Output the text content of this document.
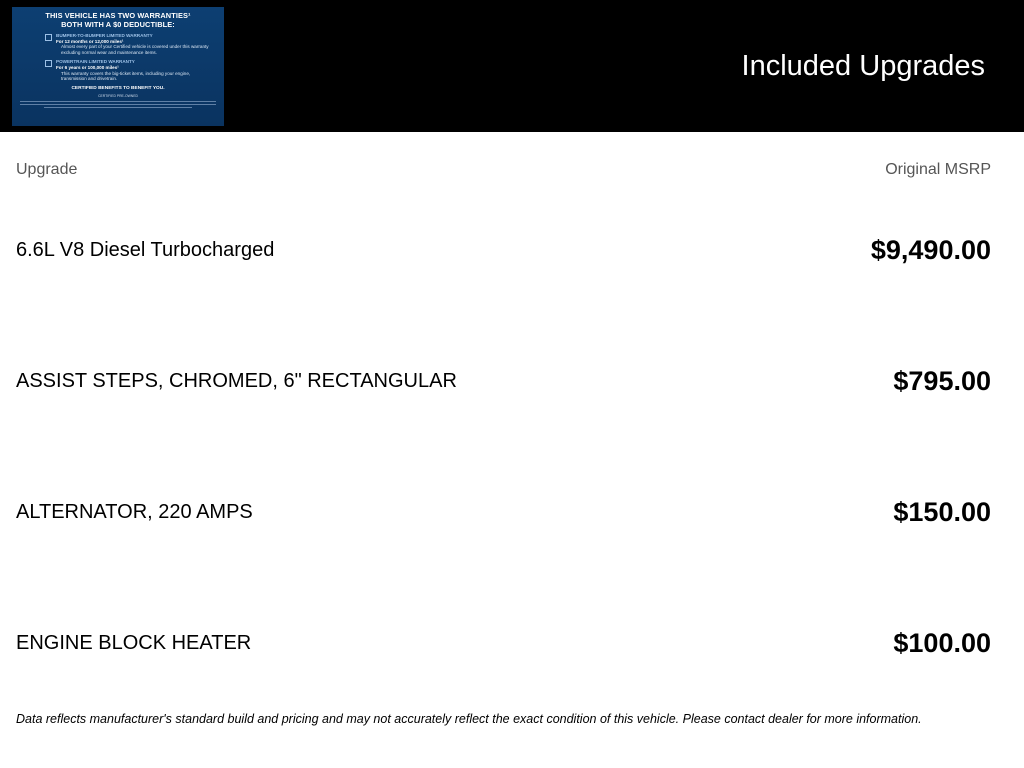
THIS VEHICLE HAS TWO WARRANTIES¹
BOTH WITH A $0 DEDUCTIBLE:
BUMPER-TO-BUMPER LIMITED WARRANTY
For 12 months or 12,000 miles¹
Almost every part of your Certified vehicle is covered under this warranty excluding normal wear and maintenance items.
POWERTRAIN LIMITED WARRANTY
For 6 years or 100,000 miles¹
This warranty covers the big-ticket items, including your engine, transmission and drivetrain.
CERTIFIED BENEFITS TO BENEFIT YOU.
CERTIFIED PRE-OWNED
Included Upgrades
Upgrade	Original MSRP
6.6L V8 Diesel Turbocharged	$9,490.00
ASSIST STEPS, CHROMED, 6" RECTANGULAR	$795.00
ALTERNATOR, 220 AMPS	$150.00
ENGINE BLOCK HEATER	$100.00
Data reflects manufacturer's standard build and pricing and may not accurately reflect the exact condition of this vehicle. Please contact dealer for more information.
